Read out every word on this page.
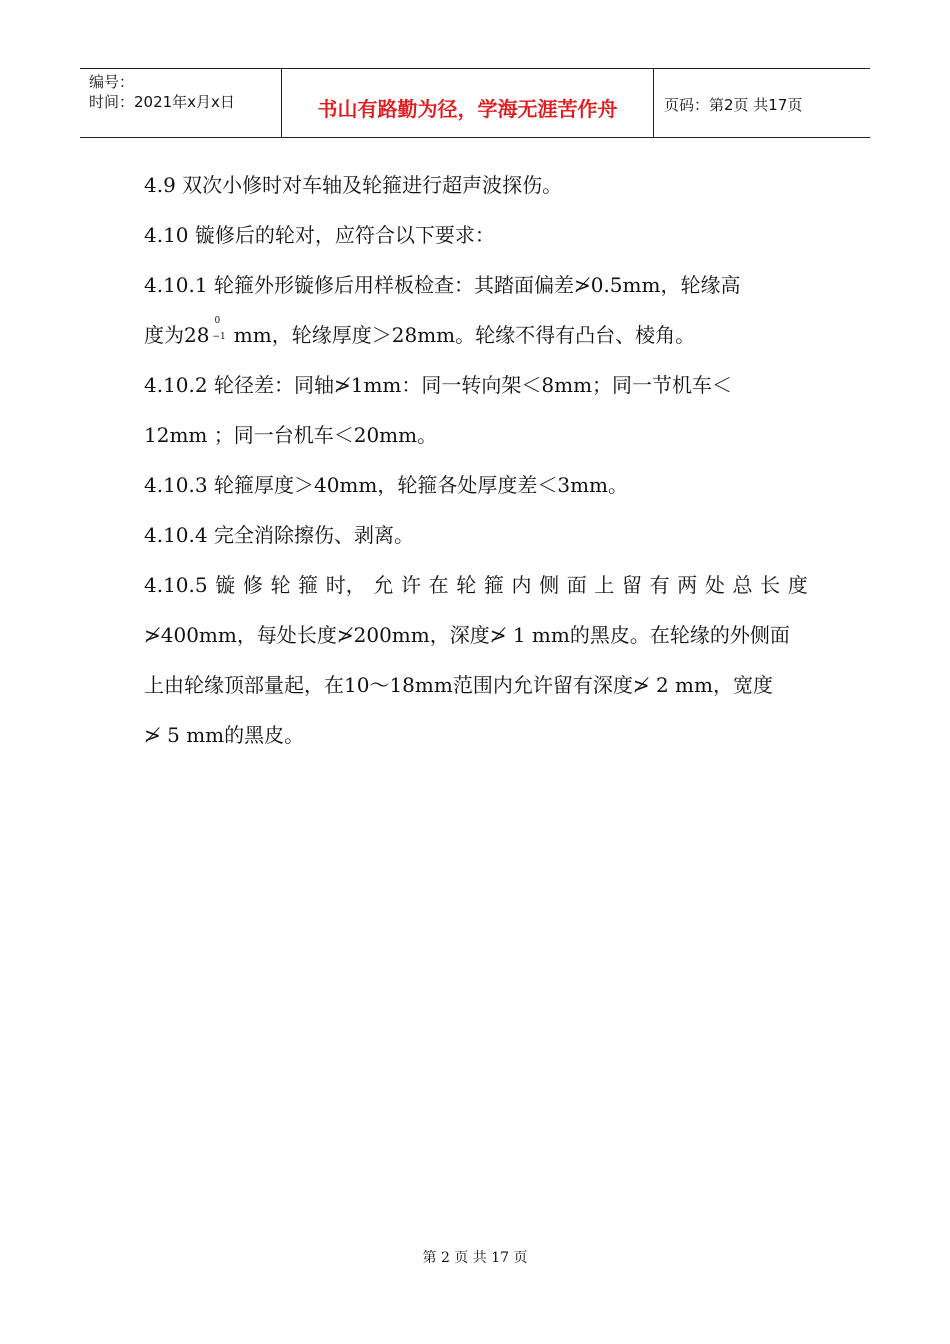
编号：
时间：2021年x月x日	书山有路勤为径，学海无涯苦作舟	页码：第2页 共17页
4.9 双次小修时对车轴及轮箍进行超声波探伤。
4.10 镟修后的轮对，应符合以下要求：
4.10.1 轮箍外形镟修后用样板检查：其踏面偏差≯0.5mm，轮缘高
度为28
0
−1 mm，轮缘厚度＞28mm。轮缘不得有凸台、棱角。
4.10.2 轮径差：同轴≯1mm：同一转向架＜8mm；同一节机车＜
12mm ；同一台机车＜20mm。
4.10.3 轮箍厚度＞40mm，轮箍各处厚度差＜3mm。
4.10.4 完全消除擦伤、剥离。
4.10.5 镟 修 轮 箍 时， 允 许 在 轮 箍 内 侧 面 上 留 有 两 处 总 长 度
≯400mm，每处长度≯200mm，深度≯ 1 mm的黑皮。在轮缘的外侧面
上由轮缘顶部量起，在10～18mm范围内允许留有深度≯ 2 mm，宽度
≯ 5 mm的黑皮。
第 2 页 共 17 页
